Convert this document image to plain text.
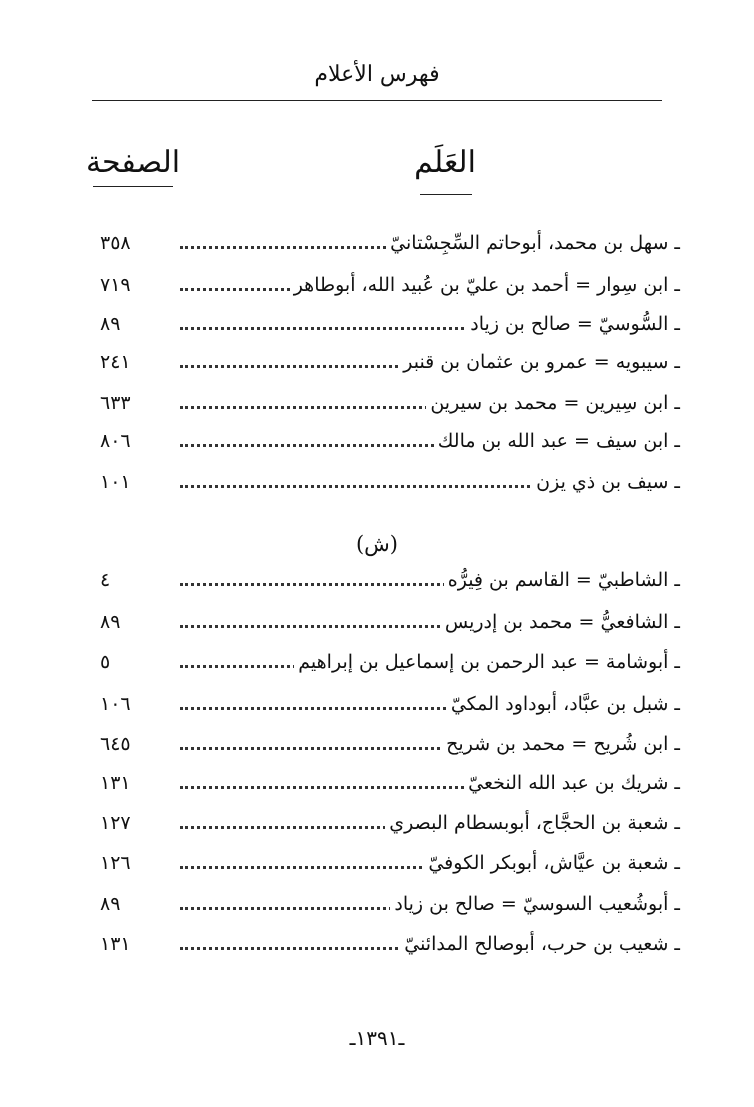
فهرس الأعلام
العَلَم
الصفحة
ـ سهل بن محمد، أبوحاتم السِّجِسْتانيّ
٣٥٨
ـ ابن سِوار = أحمد بن عليّ بن عُبيد الله، أبوطاهر
٧١٩
ـ السُّوسيّ = صالح بن زياد
٨٩
ـ سيبويه = عمرو بن عثمان بن قنبر
٢٤١
ـ ابن سِيرين = محمد بن سيرين
٦٣٣
ـ ابن سيف = عبد الله بن مالك
٨٠٦
ـ سيف بن ذي يزن
١٠١
(ش)
ـ الشاطبيّ = القاسم بن فِيرُّه
٤
ـ الشافعيُّ = محمد بن إدريس
٨٩
ـ أبوشامة = عبد الرحمن بن إسماعيل بن إبراهيم
٥
ـ شبل بن عبَّاد، أبوداود المكيّ
١٠٦
ـ ابن شُريح = محمد بن شريح
٦٤٥
ـ شريك بن عبد الله النخعيّ
١٣١
ـ شعبة بن الحجَّاج، أبوبسطام البصري
١٢٧
ـ شعبة بن عيَّاش، أبوبكر الكوفيّ
١٢٦
ـ أبوشُعيب السوسيّ = صالح بن زياد
٨٩
ـ شعيب بن حرب، أبوصالح المدائنيّ
١٣١
ـ١٣٩١ـ
